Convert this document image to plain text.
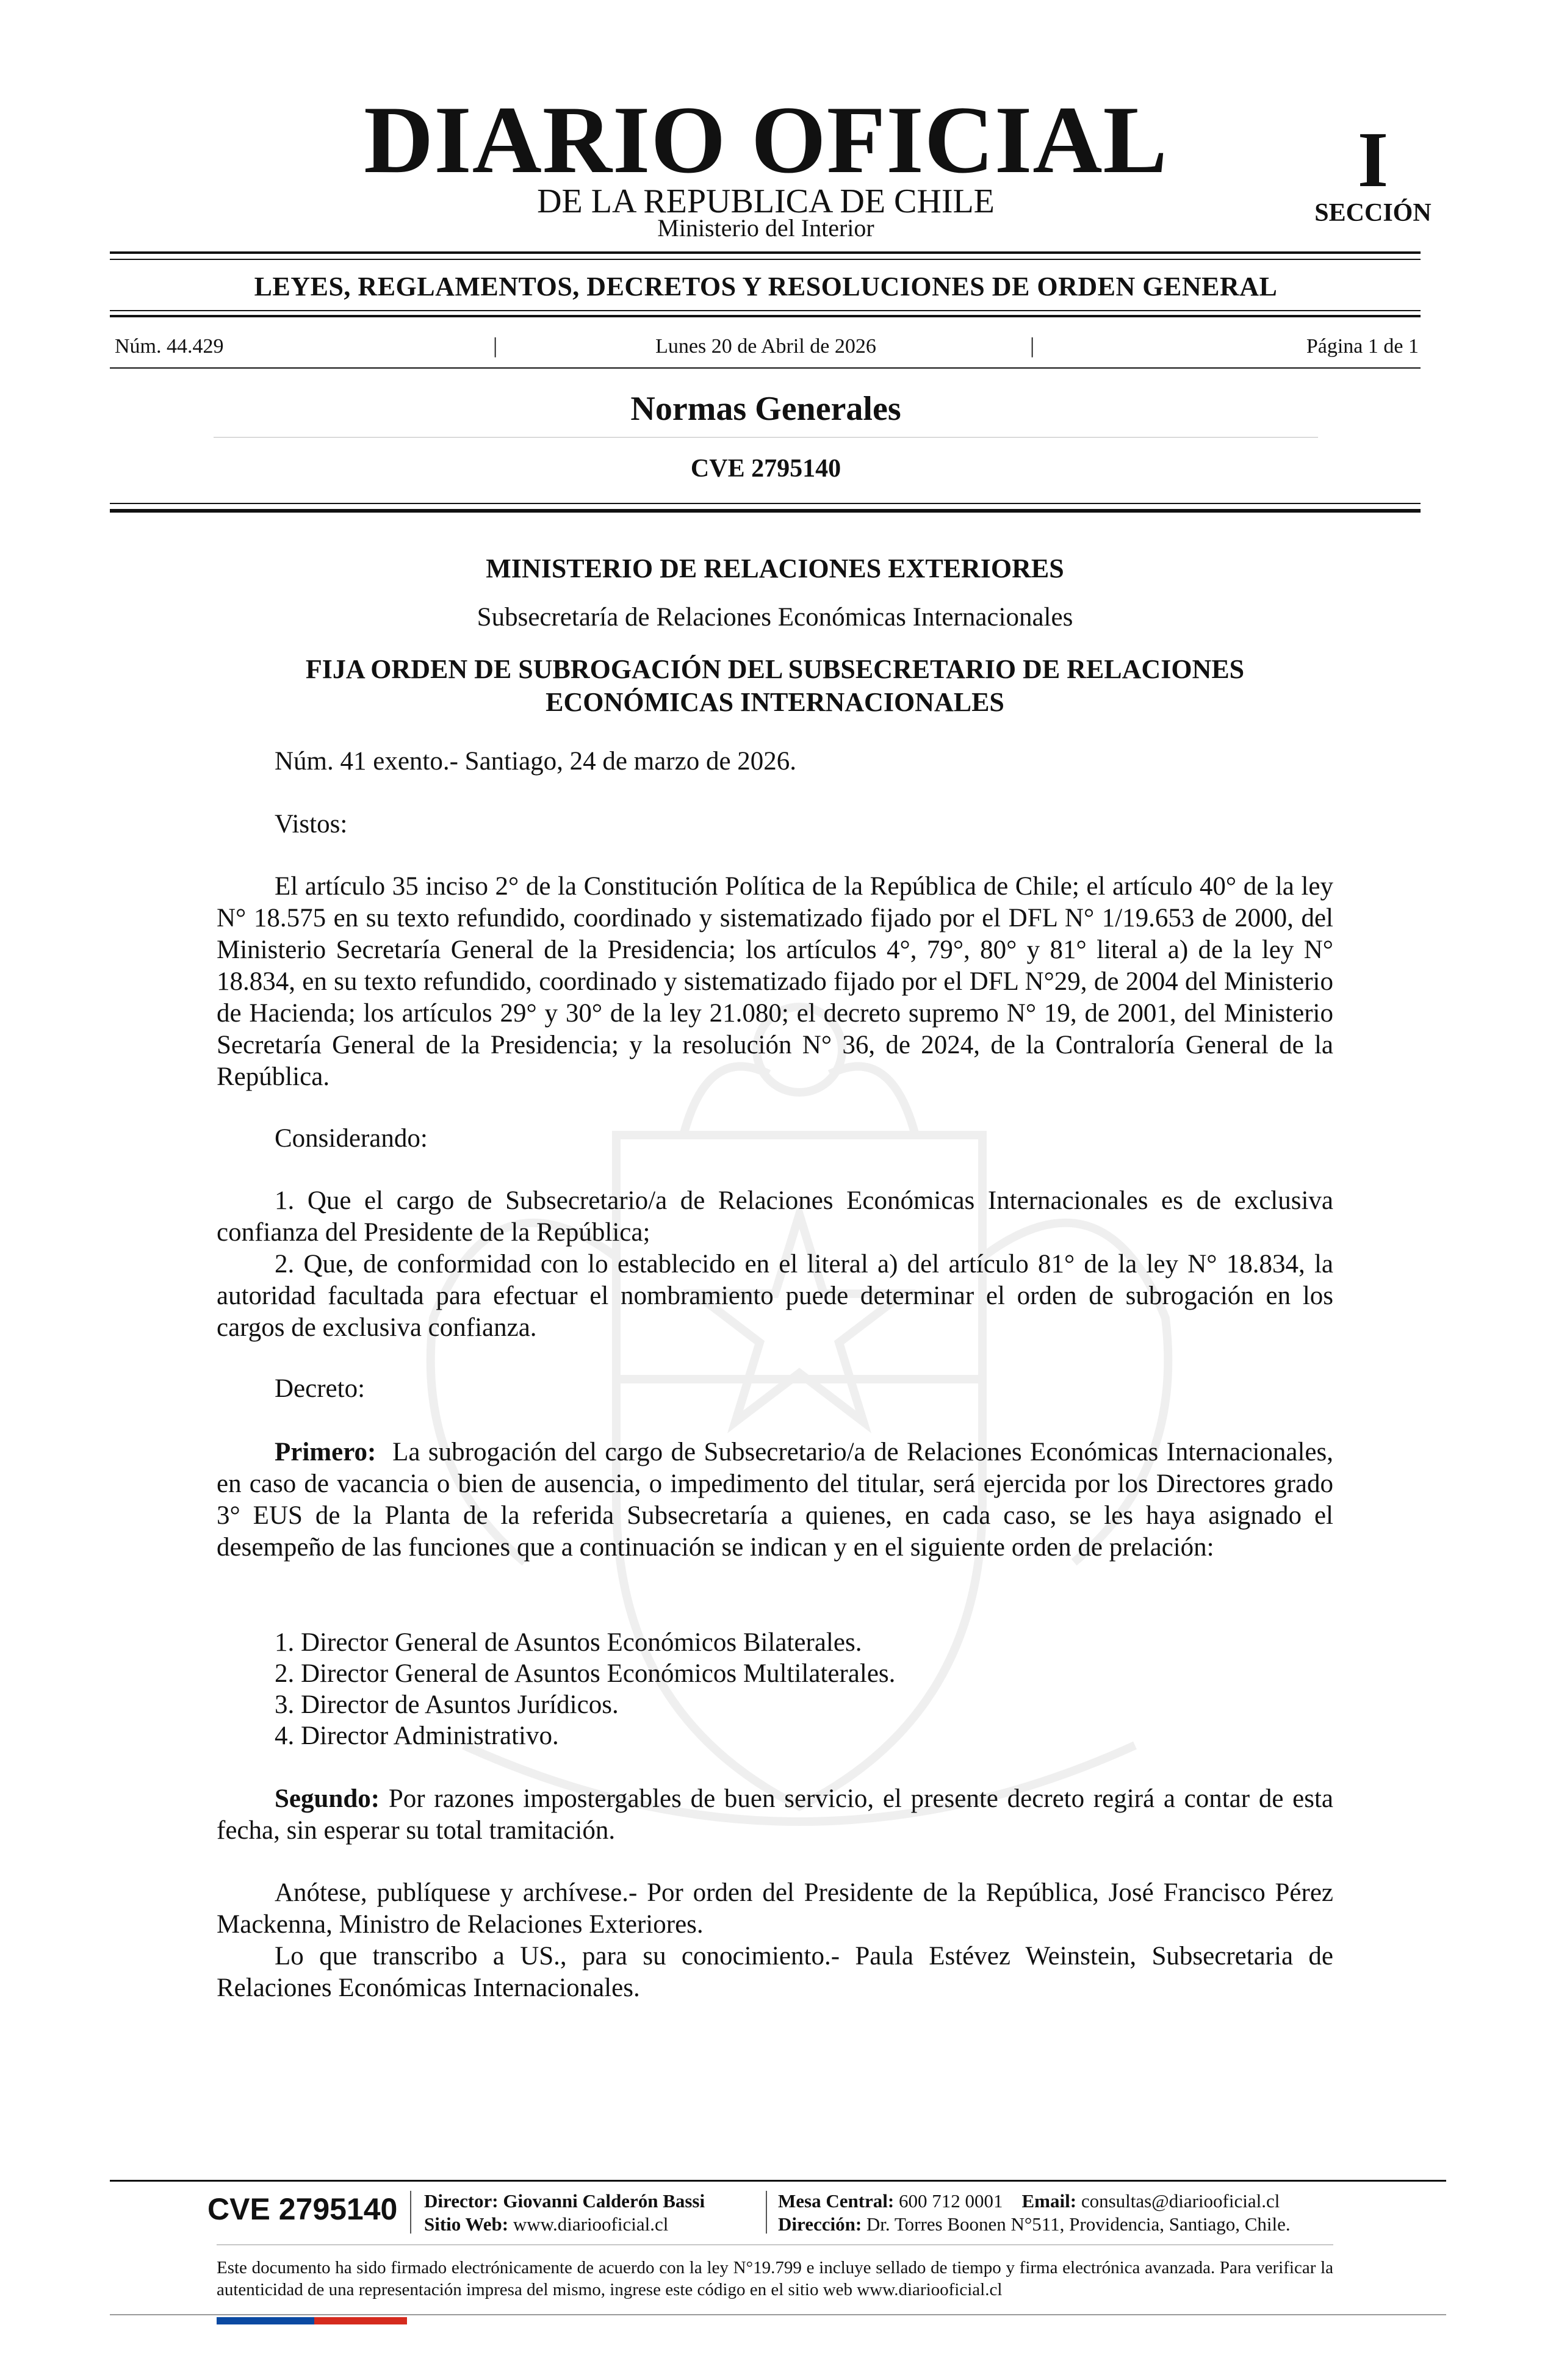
DIARIO OFICIAL
DE LA REPUBLICA DE CHILE
Ministerio del Interior
I
SECCIÓN
LEYES, REGLAMENTOS, DECRETOS Y RESOLUCIONES DE ORDEN GENERAL
Núm. 44.429	|	Lunes 20 de Abril de 2026	|	Página 1 de 1
Normas Generales
CVE 2795140
MINISTERIO DE RELACIONES EXTERIORES
Subsecretaría de Relaciones Económicas Internacionales
FIJA ORDEN DE SUBROGACIÓN DEL SUBSECRETARIO DE RELACIONES ECONÓMICAS INTERNACIONALES

Núm. 41 exento.- Santiago, 24 de marzo de 2026.

Vistos:

El artículo 35 inciso 2° de la Constitución Política de la República de Chile; el artículo 40° de la ley N° 18.575 en su texto refundido, coordinado y sistematizado fijado por el DFL N° 1/19.653 de 2000, del Ministerio Secretaría General de la Presidencia; los artículos 4°, 79°, 80° y 81° literal a) de la ley N° 18.834, en su texto refundido, coordinado y sistematizado fijado por el DFL N°29, de 2004 del Ministerio de Hacienda; los artículos 29° y 30° de la ley 21.080; el decreto supremo N° 19, de 2001, del Ministerio Secretaría General de la Presidencia; y la resolución N° 36, de 2024, de la Contraloría General de la República.

Considerando:

1. Que el cargo de Subsecretario/a de Relaciones Económicas Internacionales es de exclusiva confianza del Presidente de la República;

2. Que, de conformidad con lo establecido en el literal a) del artículo 81° de la ley N° 18.834, la autoridad facultada para efectuar el nombramiento puede determinar el orden de subrogación en los cargos de exclusiva confianza.

Decreto:

Primero: La subrogación del cargo de Subsecretario/a de Relaciones Económicas Internacionales, en caso de vacancia o bien de ausencia, o impedimento del titular, será ejercida por los Directores grado 3° EUS de la Planta de la referida Subsecretaría a quienes, en cada caso, se les haya asignado el desempeño de las funciones que a continuación se indican y en el siguiente orden de prelación:

1. Director General de Asuntos Económicos Bilaterales.
2. Director General de Asuntos Económicos Multilaterales.
3. Director de Asuntos Jurídicos.
4. Director Administrativo.

Segundo: Por razones impostergables de buen servicio, el presente decreto regirá a contar de esta fecha, sin esperar su total tramitación.

Anótese, publíquese y archívese.- Por orden del Presidente de la República, José Francisco Pérez Mackenna, Ministro de Relaciones Exteriores.

Lo que transcribo a US., para su conocimiento.- Paula Estévez Weinstein, Subsecretaria de Relaciones Económicas Internacionales.

CVE 2795140 Director: Giovanni Calderón Bassi
Sitio Web: www.diariooficial.cl
Mesa Central: 600 712 0001 Email: consultas@diariooficial.cl
Dirección: Dr. Torres Boonen N°511, Providencia, Santiago, Chile.
Este documento ha sido firmado electrónicamente de acuerdo con la ley N°19.799 e incluye sellado de tiempo y firma electrónica avanzada. Para verificar la autenticidad de una representación impresa del mismo, ingrese este código en el sitio web www.diariooficial.cl
